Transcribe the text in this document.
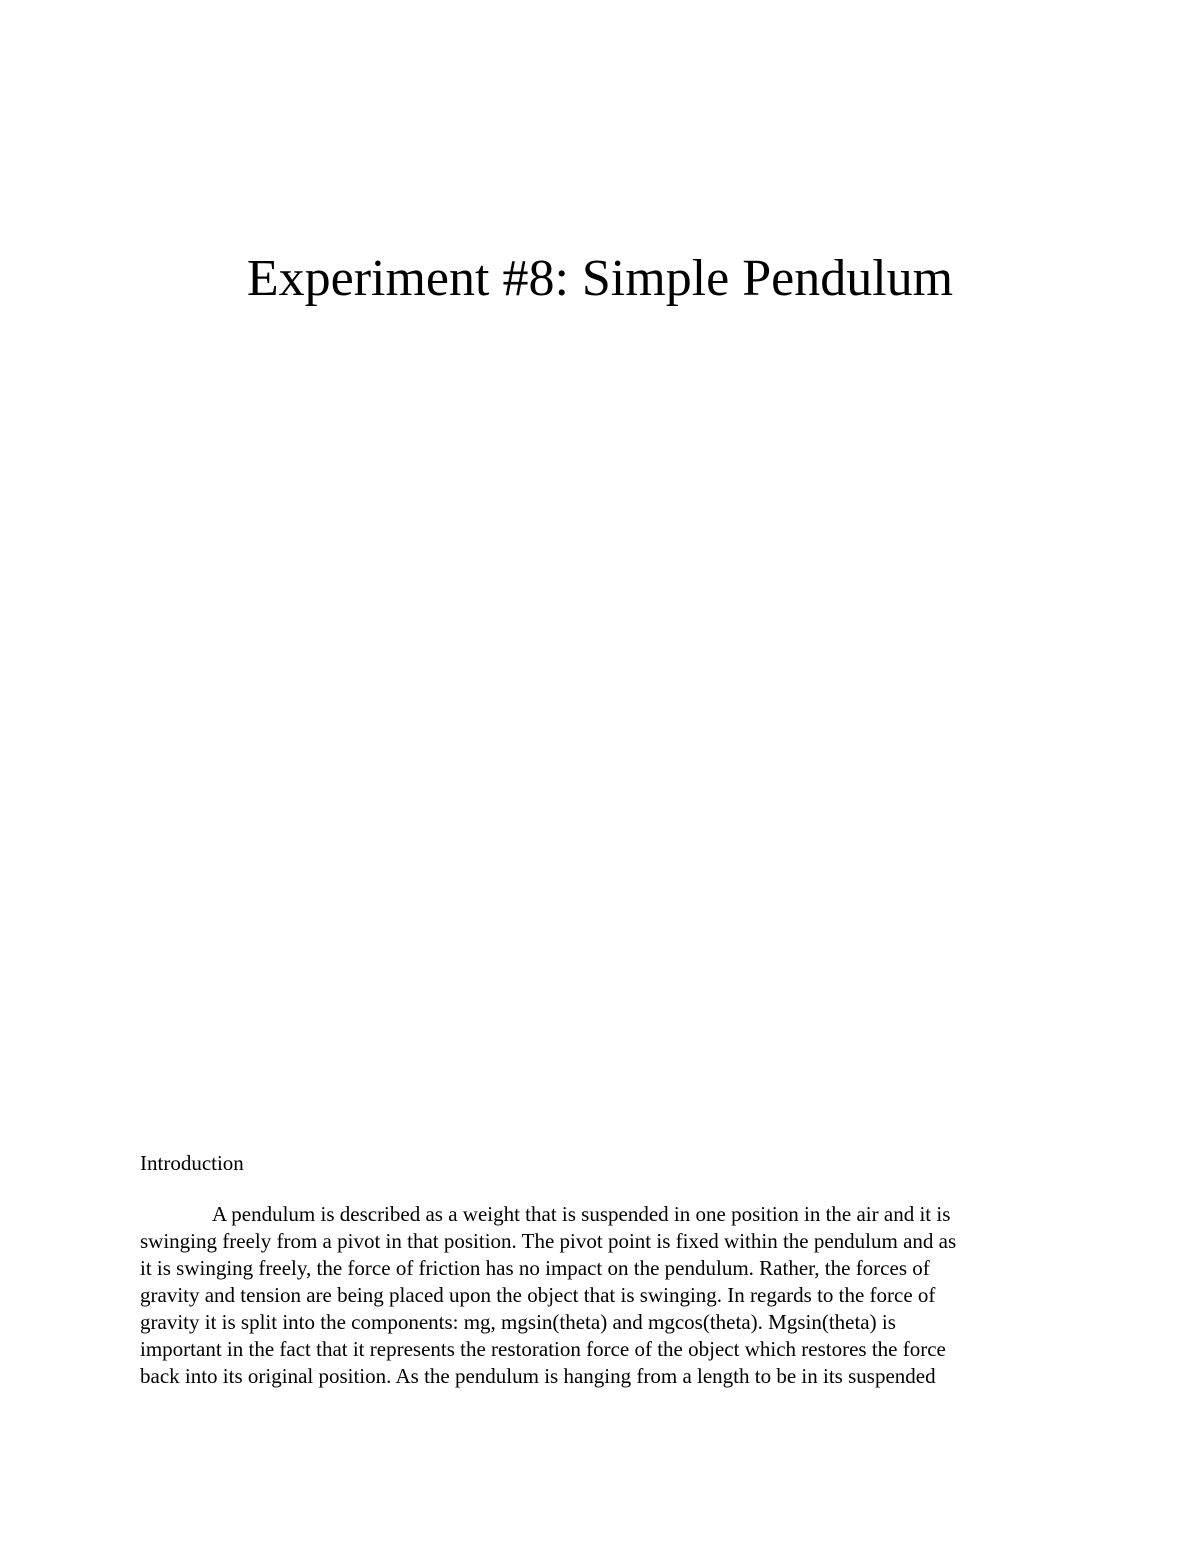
Experiment #8: Simple Pendulum
Introduction

A pendulum is described as a weight that is suspended in one position in the air and it is
swinging freely from a pivot in that position. The pivot point is fixed within the pendulum and as
it is swinging freely, the force of friction has no impact on the pendulum. Rather, the forces of
gravity and tension are being placed upon the object that is swinging. In regards to the force of
gravity it is split into the components: mg, mgsin(theta) and mgcos(theta). Mgsin(theta) is
important in the fact that it represents the restoration force of the object which restores the force
back into its original position. As the pendulum is hanging from a length to be in its suspended
